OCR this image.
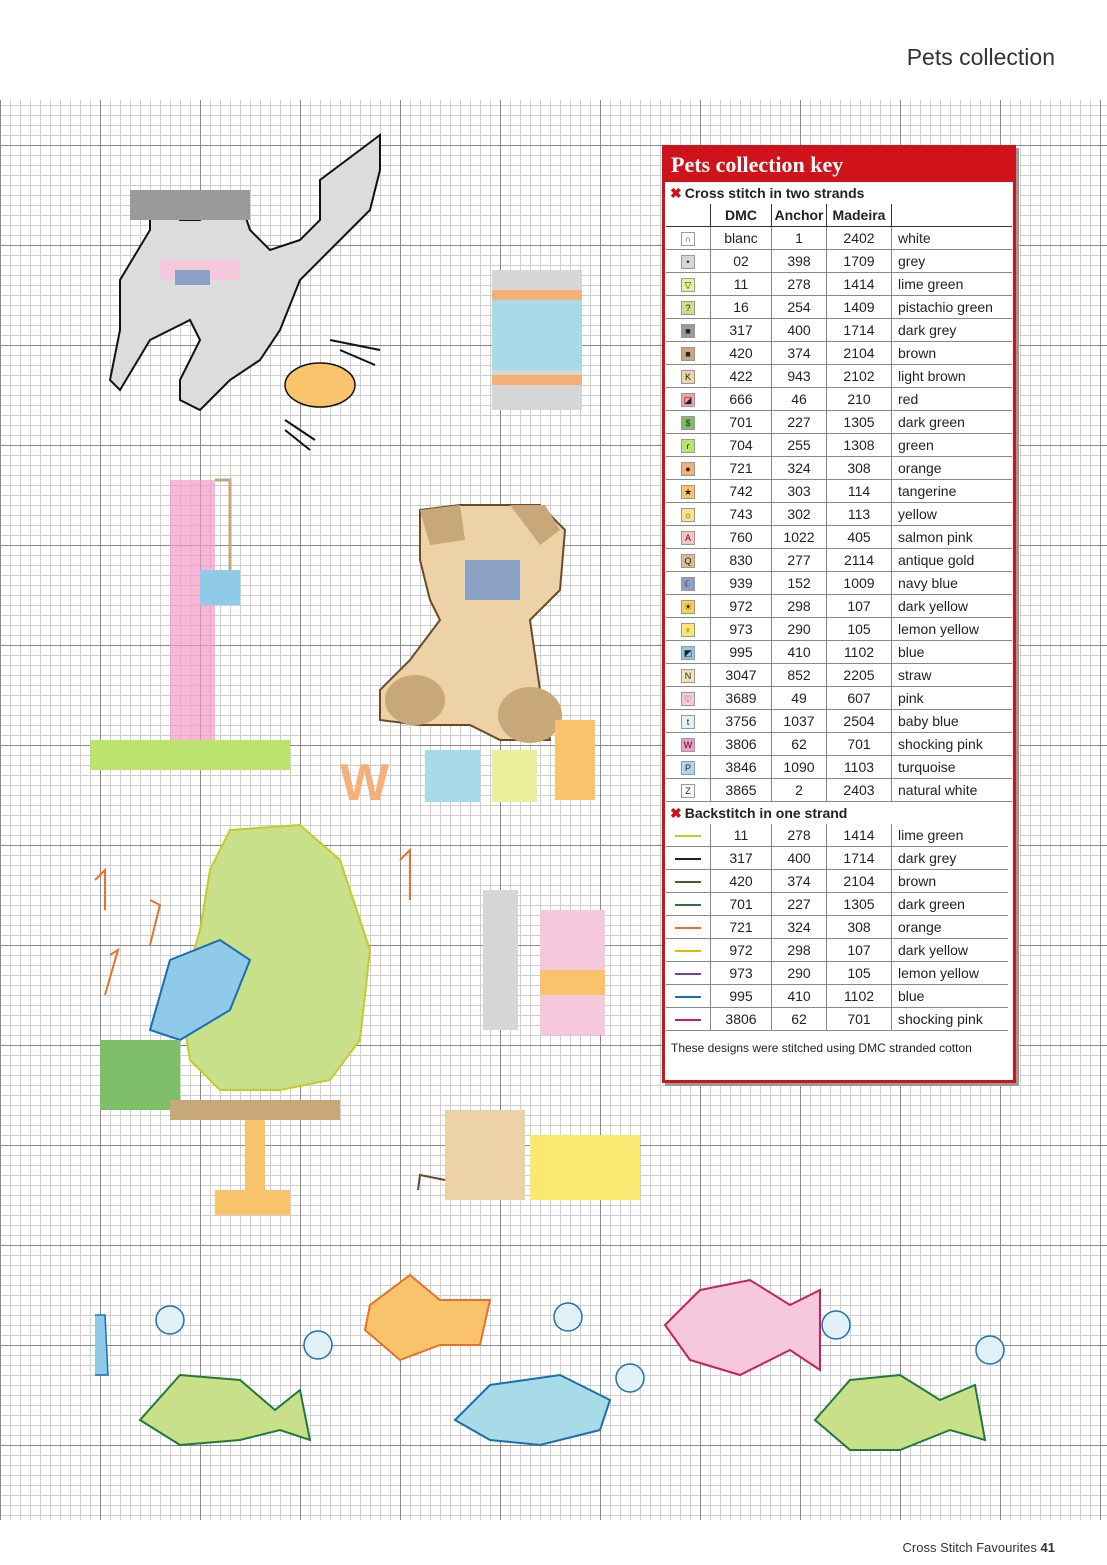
Pets collection
W
Pets collection key
✖ Cross stitch in two strands
	DMC	Anchor	Madeira	
∩	blanc	1	2402	white
•	02	398	1709	grey
▽	11	278	1414	lime green
?	16	254	1409	pistachio green
■	317	400	1714	dark grey
■	420	374	2104	brown
K	422	943	2102	light brown
◪	666	46	210	red
$	701	227	1305	dark green
ɾ	704	255	1308	green
●	721	324	308	orange
★	742	303	114	tangerine
☼	743	302	113	yellow
A	760	1022	405	salmon pink
Q	830	277	2114	antique gold
☾	939	152	1009	navy blue
☀	972	298	107	dark yellow
♀	973	290	105	lemon yellow
◩	995	410	1102	blue
N	3047	852	2205	straw
♡	3689	49	607	pink
t	3756	1037	2504	baby blue
W	3806	62	701	shocking pink
P	3846	1090	1103	turquoise
Z	3865	2	2403	natural white
✖ Backstitch in one strand
	11	278	1414	lime green
	317	400	1714	dark grey
	420	374	2104	brown
	701	227	1305	dark green
	721	324	308	orange
	972	298	107	dark yellow
	973	290	105	lemon yellow
	995	410	1102	blue
	3806	62	701	shocking pink
These designs were stitched using DMC stranded cotton
Cross Stitch Favourites 41
